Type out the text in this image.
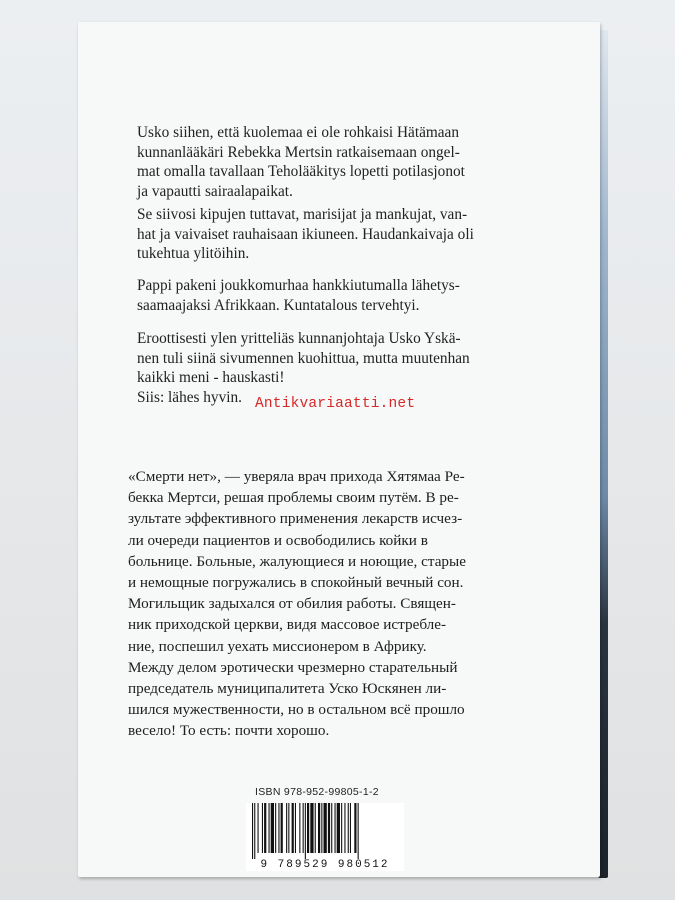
Usko siihen, että kuolemaa ei ole rohkaisi Hätämaan
kunnanlääkäri Rebekka Mertsin ratkaisemaan ongel-
mat omalla tavallaan Teholääkitys lopetti potilasjonot
ja vapautti sairaalapaikat.

Se siivosi kipujen tuttavat, marisijat ja mankujat, van-
hat ja vaivaiset rauhaisaan ikiuneen. Haudankaivaja oli
tukehtua ylitöihin.

Pappi pakeni joukkomurhaa hankkiutumalla lähetys-
saamaajaksi Afrikkaan. Kuntatalous tervehtyi.

Eroottisesti ylen yritteliäs kunnanjohtaja Usko Yskä-
nen tuli siinä sivumennen kuohittua, mutta muutenhan
kaikki meni - hauskasti!
Siis: lähes hyvin. Antikvariaatti.net

«Смерти нет», — уверяла врач прихода Хятямаа Ре-
бекка Мертси, решая проблемы своим путём. В ре-
зультате эффективного применения лекарств исчез-
ли очереди пациентов и освободились койки в
больнице. Больные, жалующиеся и ноющие, старые
и немощные погружались в спокойный вечный сон.
Могильщик задыхался от обилия работы. Священ-
ник приходской церкви, видя массовое истребле-
ние, поспешил уехать миссионером в Африку.
Между делом эротически чрезмерно старательный
председатель муниципалитета Уско Юскянен ли-
шился мужественности, но в остальном всё прошло
весело! То есть: почти хорошо.

ISBN 978-952-99805-1-2
9 789529 980512
